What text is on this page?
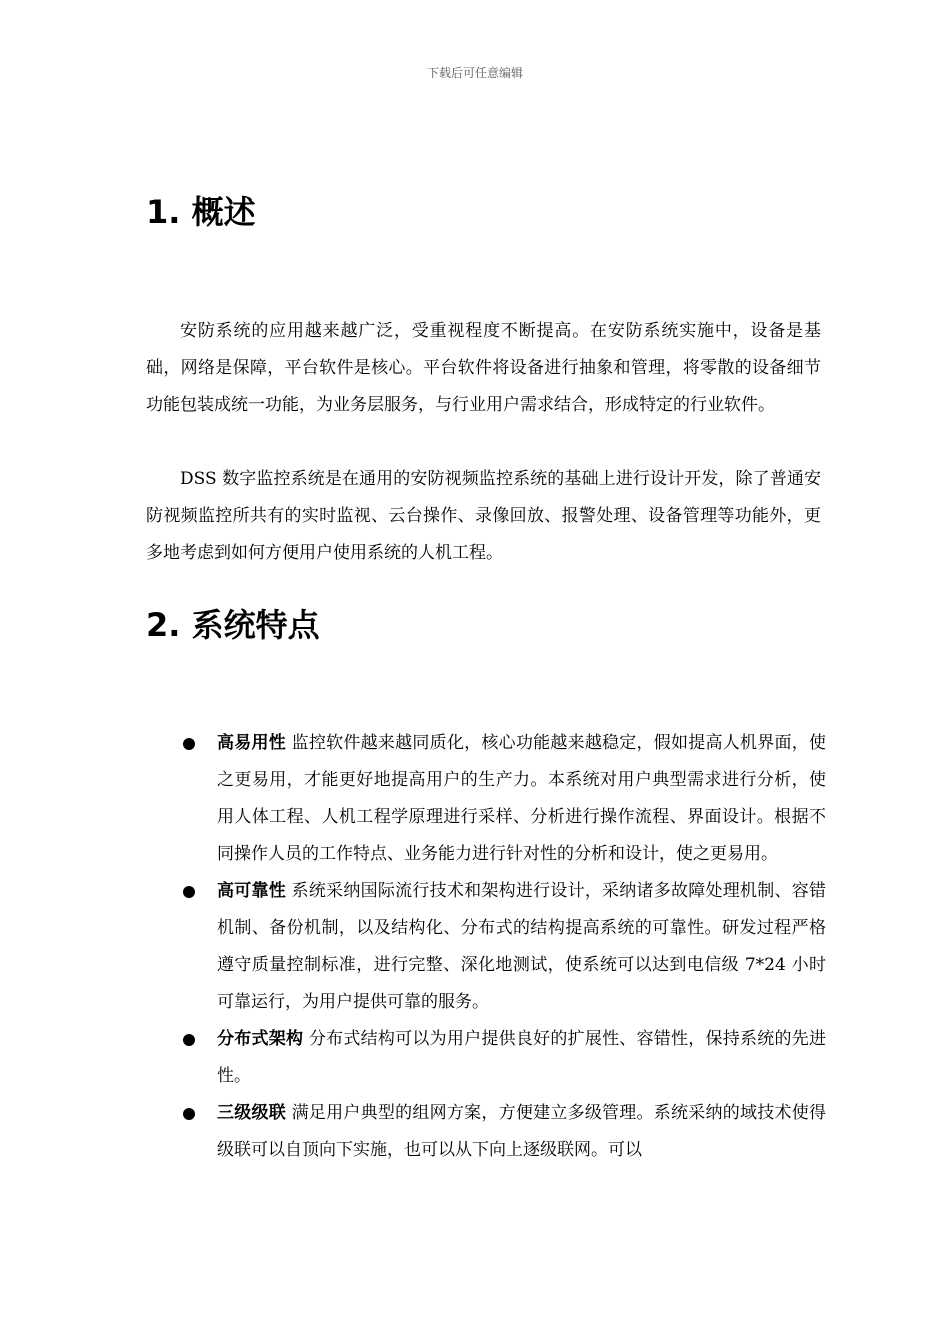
下载后可任意编辑
1. 概述

安防系统的应用越来越广泛，受重视程度不断提高。在安防系统实施中，设备是基础，网络是保障，平台软件是核心。平台软件将设备进行抽象和管理，将零散的设备细节功能包装成统一功能，为业务层服务，与行业用户需求结合，形成特定的行业软件。

DSS 数字监控系统是在通用的安防视频监控系统的基础上进行设计开发，除了普通安防视频监控所共有的实时监视、云台操作、录像回放、报警处理、设备管理等功能外，更多地考虑到如何方便用户使用系统的人机工程。

2. 系统特点
高易用性 监控软件越来越同质化，核心功能越来越稳定，假如提高人机界面，使之更易用，才能更好地提高用户的生产力。本系统对用户典型需求进行分析，使用人体工程、人机工程学原理进行采样、分析进行操作流程、界面设计。根据不同操作人员的工作特点、业务能力进行针对性的分析和设计，使之更易用。
高可靠性 系统采纳国际流行技术和架构进行设计，采纳诸多故障处理机制、容错机制、备份机制，以及结构化、分布式的结构提高系统的可靠性。研发过程严格遵守质量控制标准，进行完整、深化地测试，使系统可以达到电信级 7*24 小时可靠运行，为用户提供可靠的服务。
分布式架构 分布式结构可以为用户提供良好的扩展性、容错性，保持系统的先进性。
三级级联 满足用户典型的组网方案，方便建立多级管理。系统采纳的域技术使得级联可以自顶向下实施，也可以从下向上逐级联网。可以
